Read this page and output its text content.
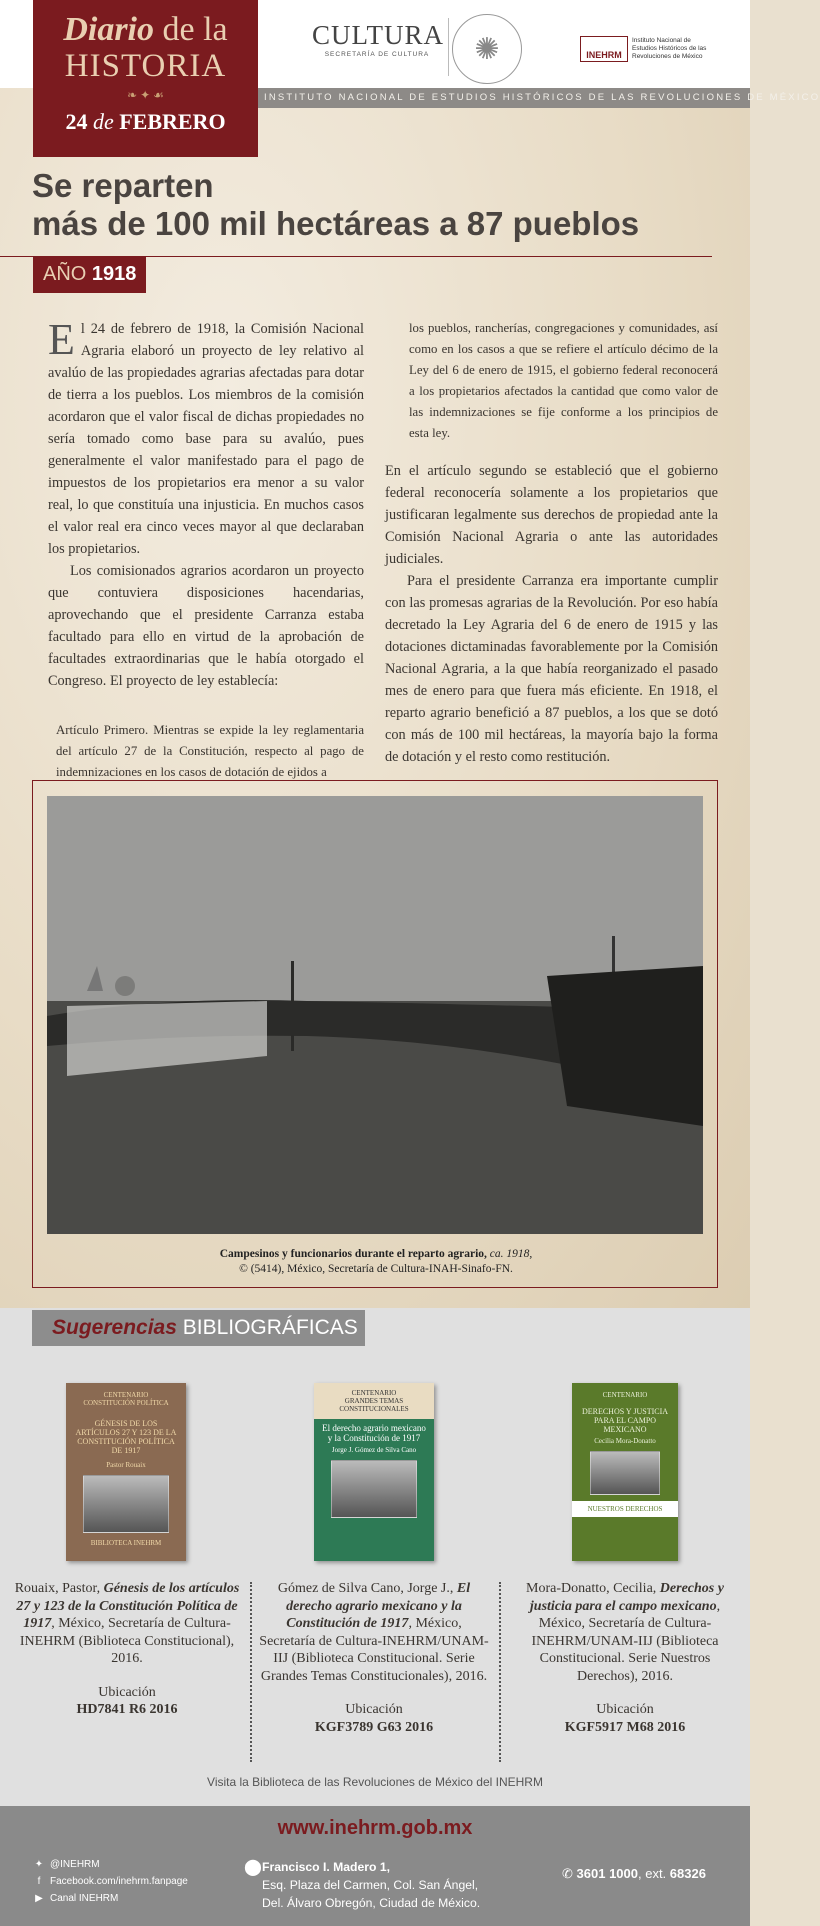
Diario de la
HISTORIA
❧ ✦ ☙
24 de FEBRERO
CULTURA
SECRETARÍA DE CULTURA	✺	INEHRM
Instituto Nacional de Estudios Históricos de las Revoluciones de México
INSTITUTO NACIONAL DE ESTUDIOS HISTÓRICOS DE LAS REVOLUCIONES DE MÉXICO
Se reparten
más de 100 mil hectáreas a 87 pueblos
AÑO 1918

El 24 de febrero de 1918, la Comisión Nacional Agraria elaboró un proyecto de ley relativo al avalúo de las propiedades agrarias afectadas para dotar de tierra a los pueblos. Los miembros de la comisión acordaron que el valor fiscal de dichas propiedades no sería tomado como base para su avalúo, pues generalmente el valor manifestado para el pago de impuestos de los propietarios era menor a su valor real, lo que constituía una injusticia. En muchos casos el valor real era cinco veces mayor al que declaraban los propietarios.

Los comisionados agrarios acordaron un proyecto que contuviera disposiciones hacendarias, aprovechando que el presidente Carranza estaba facultado para ello en virtud de la aprobación de facultades extraordinarias que le había otorgado el Congreso. El proyecto de ley establecía:

Artículo Primero. Mientras se expide la ley reglamentaria del artículo 27 de la Constitución, respecto al pago de indemnizaciones en los casos de dotación de ejidos a

los pueblos, rancherías, congregaciones y comunidades, así como en los casos a que se refiere el artículo décimo de la Ley del 6 de enero de 1915, el gobierno federal reconocerá a los propietarios afectados la cantidad que como valor de las indemnizaciones se fije conforme a los principios de esta ley.

En el artículo segundo se estableció que el gobierno federal reconocería solamente a los propietarios que justificaran legalmente sus derechos de propiedad ante la Comisión Nacional Agraria o ante las autoridades judiciales.

Para el presidente Carranza era importante cumplir con las promesas agrarias de la Revolución. Por eso había decretado la Ley Agraria del 6 de enero de 1915 y las dotaciones dictaminadas favorablemente por la Comisión Nacional Agraria, a la que había reorganizado el pasado mes de enero para que fuera más eficiente. En 1918, el reparto agrario benefició a 87 pueblos, a los que se dotó con más de 100 mil hectáreas, la mayoría bajo la forma de dotación y el resto como restitución.

Campesinos y funcionarios durante el reparto agrario, ca. 1918,
© (5414), México, Secretaría de Cultura-INAH-Sinafo-FN.
Sugerencias BIBLIOGRÁFICAS
CENTENARIO
CONSTITUCIÓN POLÍTICA
GÉNESIS DE LOS ARTÍCULOS 27 Y 123 DE LA CONSTITUCIÓN POLÍTICA DE 1917
Pastor Rouaix
BIBLIOTECA INEHRM
CENTENARIO
GRANDES TEMAS CONSTITUCIONALES
El derecho agrario mexicano y la Constitución de 1917
Jorge J. Gómez de Silva Cano
CENTENARIO
DERECHOS Y JUSTICIA PARA EL CAMPO MEXICANO
Cecilia Mora-Donatto
NUESTROS DERECHOS
Rouaix, Pastor, Génesis de los artículos 27 y 123 de la Constitución Política de 1917, México, Secretaría de Cultura-INEHRM (Biblioteca Constitucional), 2016.
Ubicación
HD7841 R6 2016
Gómez de Silva Cano, Jorge J., El derecho agrario mexicano y la Constitución de 1917, México, Secretaría de Cultura-INEHRM/UNAM-IIJ (Biblioteca Constitucional. Serie Grandes Temas Constitucionales), 2016.
Ubicación
KGF3789 G63 2016
Mora-Donatto, Cecilia, Derechos y justicia para el campo mexicano, México, Secretaría de Cultura-INEHRM/UNAM-IIJ (Biblioteca Constitucional. Serie Nuestros Derechos), 2016.
Ubicación
KGF5917 M68 2016
Visita la Biblioteca de las Revoluciones de México del INEHRM
www.inehrm.gob.mx
✦ @INEHRM
f Facebook.com/inehrm.fanpage
▶ Canal INEHRM
⬤ Francisco I. Madero 1,
Esq. Plaza del Carmen, Col. San Ángel,
Del. Álvaro Obregón, Ciudad de México.
✆ 3601 1000, ext. 68326
